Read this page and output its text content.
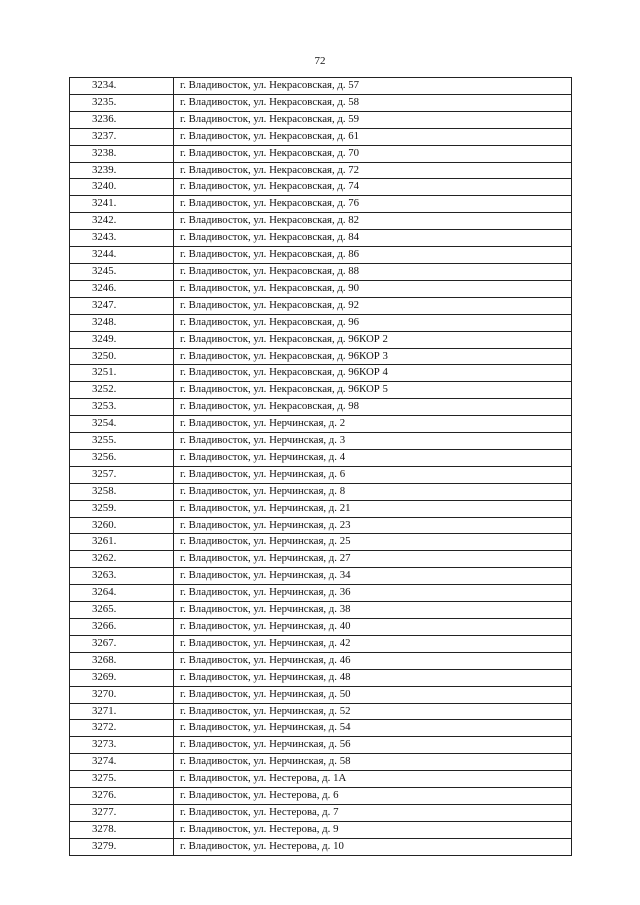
72
3234.	г. Владивосток, ул. Некрасовская, д. 57
3235.	г. Владивосток, ул. Некрасовская, д. 58
3236.	г. Владивосток, ул. Некрасовская, д. 59
3237.	г. Владивосток, ул. Некрасовская, д. 61
3238.	г. Владивосток, ул. Некрасовская, д. 70
3239.	г. Владивосток, ул. Некрасовская, д. 72
3240.	г. Владивосток, ул. Некрасовская, д. 74
3241.	г. Владивосток, ул. Некрасовская, д. 76
3242.	г. Владивосток, ул. Некрасовская, д. 82
3243.	г. Владивосток, ул. Некрасовская, д. 84
3244.	г. Владивосток, ул. Некрасовская, д. 86
3245.	г. Владивосток, ул. Некрасовская, д. 88
3246.	г. Владивосток, ул. Некрасовская, д. 90
3247.	г. Владивосток, ул. Некрасовская, д. 92
3248.	г. Владивосток, ул. Некрасовская, д. 96
3249.	г. Владивосток, ул. Некрасовская, д. 96КОР 2
3250.	г. Владивосток, ул. Некрасовская, д. 96КОР 3
3251.	г. Владивосток, ул. Некрасовская, д. 96КОР 4
3252.	г. Владивосток, ул. Некрасовская, д. 96КОР 5
3253.	г. Владивосток, ул. Некрасовская, д. 98
3254.	г. Владивосток, ул. Нерчинская, д. 2
3255.	г. Владивосток, ул. Нерчинская, д. 3
3256.	г. Владивосток, ул. Нерчинская, д. 4
3257.	г. Владивосток, ул. Нерчинская, д. 6
3258.	г. Владивосток, ул. Нерчинская, д. 8
3259.	г. Владивосток, ул. Нерчинская, д. 21
3260.	г. Владивосток, ул. Нерчинская, д. 23
3261.	г. Владивосток, ул. Нерчинская, д. 25
3262.	г. Владивосток, ул. Нерчинская, д. 27
3263.	г. Владивосток, ул. Нерчинская, д. 34
3264.	г. Владивосток, ул. Нерчинская, д. 36
3265.	г. Владивосток, ул. Нерчинская, д. 38
3266.	г. Владивосток, ул. Нерчинская, д. 40
3267.	г. Владивосток, ул. Нерчинская, д. 42
3268.	г. Владивосток, ул. Нерчинская, д. 46
3269.	г. Владивосток, ул. Нерчинская, д. 48
3270.	г. Владивосток, ул. Нерчинская, д. 50
3271.	г. Владивосток, ул. Нерчинская, д. 52
3272.	г. Владивосток, ул. Нерчинская, д. 54
3273.	г. Владивосток, ул. Нерчинская, д. 56
3274.	г. Владивосток, ул. Нерчинская, д. 58
3275.	г. Владивосток, ул. Нестерова, д. 1А
3276.	г. Владивосток, ул. Нестерова, д. 6
3277.	г. Владивосток, ул. Нестерова, д. 7
3278.	г. Владивосток, ул. Нестерова, д. 9
3279.	г. Владивосток, ул. Нестерова, д. 10
